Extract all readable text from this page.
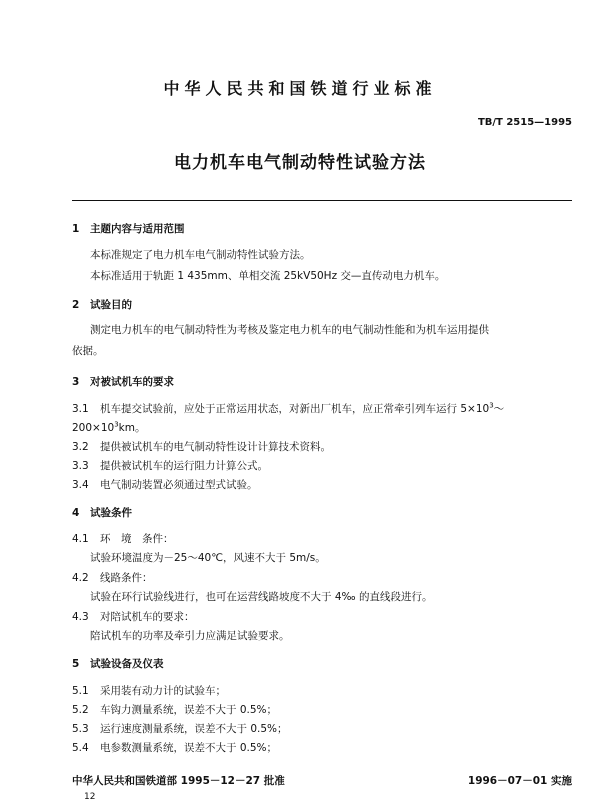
中华人民共和国铁道行业标准
TB/T 2515—1995
电力机车电气制动特性试验方法
1 主题内容与适用范围
本标准规定了电力机车电气制动特性试验方法。
本标准适用于轨距 1 435mm、单相交流 25kV50Hz 交—直传动电力机车。
2 试验目的
测定电力机车的电气制动特性为考核及鉴定电力机车的电气制动性能和为机车运用提供
依据。
3 对被试机车的要求
3.1 机车提交试验前，应处于正常运用状态，对新出厂机车，应正常牵引列车运行 $5\times 10^3\sim$
$200\times 10^3km$。
3.2 提供被试机车的电气制动特性设计计算技术资料。
3.3 提供被试机车的运行阻力计算公式。
3.4 电气制动装置必须通过型式试验。
4 试验条件
4.1 环　境　条件：
试验环境温度为－25～40℃，风速不大于 5m/s。
4.2 线路条件：
试验在环行试验线进行，也可在运营线路坡度不大于 4‰ 的直线段进行。
4.3 对陪试机车的要求：
陪试机车的功率及牵引力应满足试验要求。
5 试验设备及仪表
5.1 采用装有动力计的试验车；
5.2 车钩力测量系统，误差不大于 0.5%；
5.3 运行速度测量系统，误差不大于 0.5%；
5.4 电参数测量系统，误差不大于 0.5%；
中华人民共和国铁道部 1995－12－27 批准	1996－07－01 实施
12
